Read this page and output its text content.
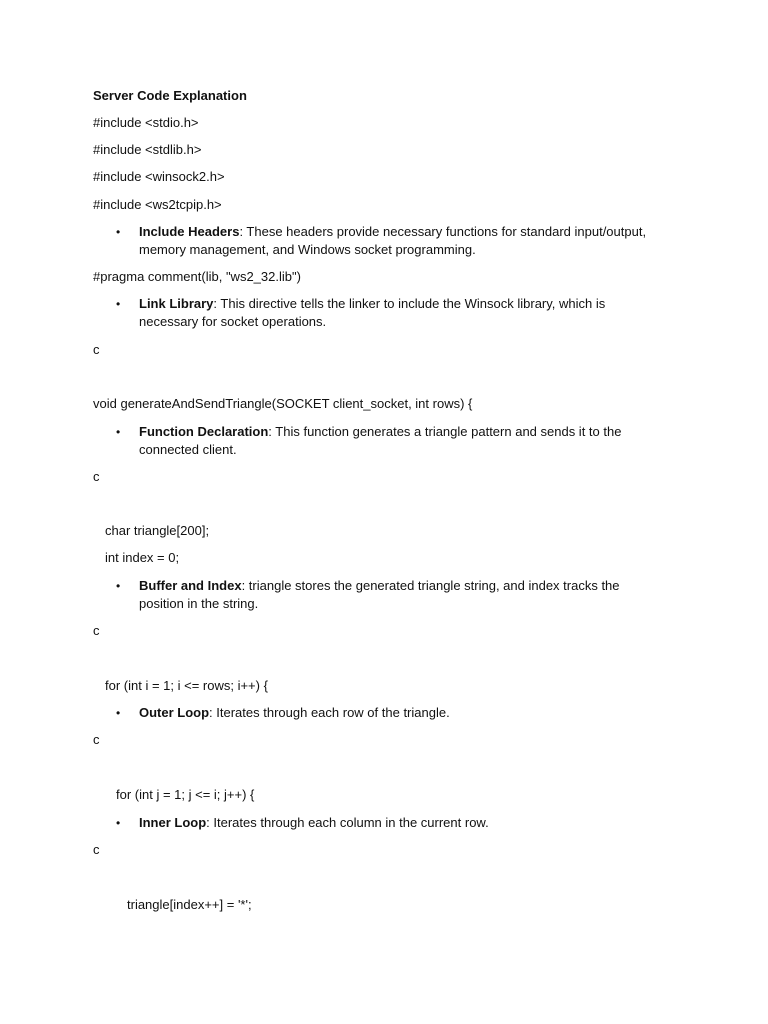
Server Code Explanation
#include <stdio.h>
#include <stdlib.h>
#include <winsock2.h>
#include <ws2tcpip.h>
•	Include Headers: These headers provide necessary functions for standard input/output, memory management, and Windows socket programming.
#pragma comment(lib, "ws2_32.lib")
•	Link Library: This directive tells the linker to include the Winsock library, which is necessary for socket operations.
c
void generateAndSendTriangle(SOCKET client_socket, int rows) {
•	Function Declaration: This function generates a triangle pattern and sends it to the connected client.
c
char triangle[200];
int index = 0;
•	Buffer and Index: triangle stores the generated triangle string, and index tracks the position in the string.
c
for (int i = 1; i <= rows; i++) {
•	Outer Loop: Iterates through each row of the triangle.
c
for (int j = 1; j <= i; j++) {
•	Inner Loop: Iterates through each column in the current row.
c
triangle[index++] = '*';
